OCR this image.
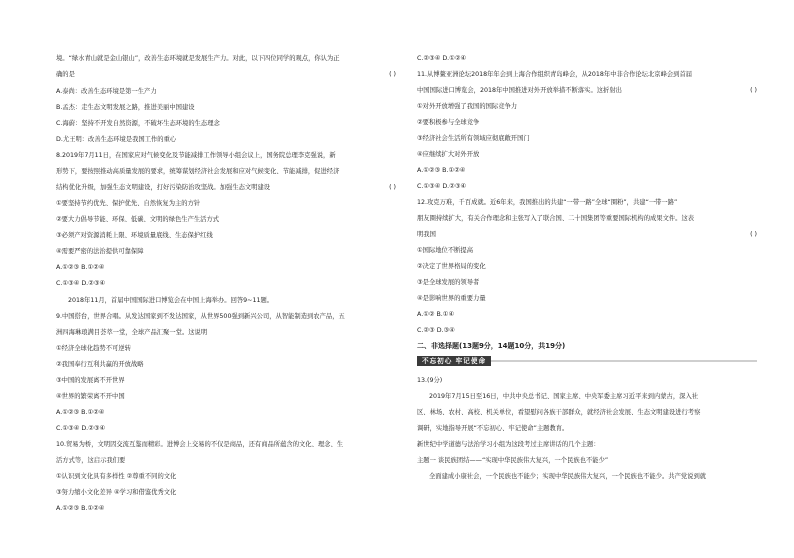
境。“绿水青山就是金山银山”，改善生态环境就是发展生产力。对此，以下四位同学的观点，你认为正
确的是	( )
A.泰尚：改善生态环境是第一生产力
B.孟杰：走生态文明发展之路，推进美丽中国建设
C.海蔚：坚持不开发自然资源，不破坏生态环境的生态理念
D.尤王明：改善生态环境是我国工作的重心
8.2019年7月11日，在国家应对气候变化及节能减排工作领导小组会议上，国务院总理李克强说，新
形势下，要按照推动高质量发展的要求，统筹谋划经济社会发展和应对气候变化、节能减排，促进经济
结构优化升级，加强生态文明建设，打好污染防治攻坚战。加强生态文明建设	( )
①要坚持节约优先、保护优先、自然恢复为主的方针
②要大力倡导节能、环保、低碳、文明的绿色生产生活方式
③必须产对资源消耗上限、环境质量底线、生态保护红线
④需要严密的法治提供可靠保障
A.①②③ B.①②④
C.①③④ D.②③④
2018年11月，首届中国国际进口博览会在中国上海举办。回答9~11题。
9.中国搭台，世界合唱。从发达国家到不发达国家，从世界500强到新兴公司，从智能制造到农产品，五
洲四海琳琅满目荟萃一堂，全球产品汇聚一堂。这说明
①经济全球化趋势不可逆转
②我国奉行互利共赢的开放战略
③中国的发展离不开世界
④世界的繁荣离不开中国
A.①②③ B.①②④
C.①③④ D.②③④
10.贸易为桥，文明因交流互鉴而精彩。进博会上交易的不仅是商品，还有商品所蕴含的文化、理念、生
活方式等，这启示我们要
①认识到文化具有多样性 ②尊重不同的文化
③努力缩小文化差异 ④学习和借鉴优秀文化
A.①②③ B.①②④
C.②③④ D.①②④
11.从博鳌亚洲论坛2018年年会到上海合作组织青岛峰会，从2018年中非合作论坛北京峰会到首届
中国国际进口博览会，2018年中国推进对外开放举措不断落实。这折射出	( )
①对外开放增强了我国的国际竞争力
②要积极参与全球竞争
③经济社会生活所有领域应彻底敞开国门
④应继续扩大对外开放
A.①②③ B.①②④
C.①③④ D.②③④
12.攻克万难，千百成就。近6年来，我国推出的共建“一带一路”全球“圈粉”，共建“一带一路”
朋友圈持续扩大，有关合作理念和主张写入了联合国、二十国集团等重要国际机构的成果文件。这表
明我国	( )
①国际地位不断提高
②决定了世界格局的变化
③是全球发展的领导者
④是影响世界的重要力量
A.①② B.①④
C.②③ D.③④
二、非选择题(13题9分，14题10分，共19分)
不忘初心 牢记使命
13.(9分)
2019年7月15日至16日，中共中央总书记、国家主席、中央军委主席习近平来到内蒙古，深入社
区、林场、农村、高校、机关单位，看望慰问各族干部群众，就经济社会发展、生态文明建设进行考察
调研，实地指导开展“不忘初心、牢记使命”主题教育。
新世纪中学道德与法治学习小组为这段考过主席讲话的几个主题：
主题一 谈民族团结——“实现中华民族伟大复兴，一个民族也不能少”
全面建成小康社会，一个民族也不能少；实现中华民族伟大复兴，一个民族也不能少。共产党说到就
